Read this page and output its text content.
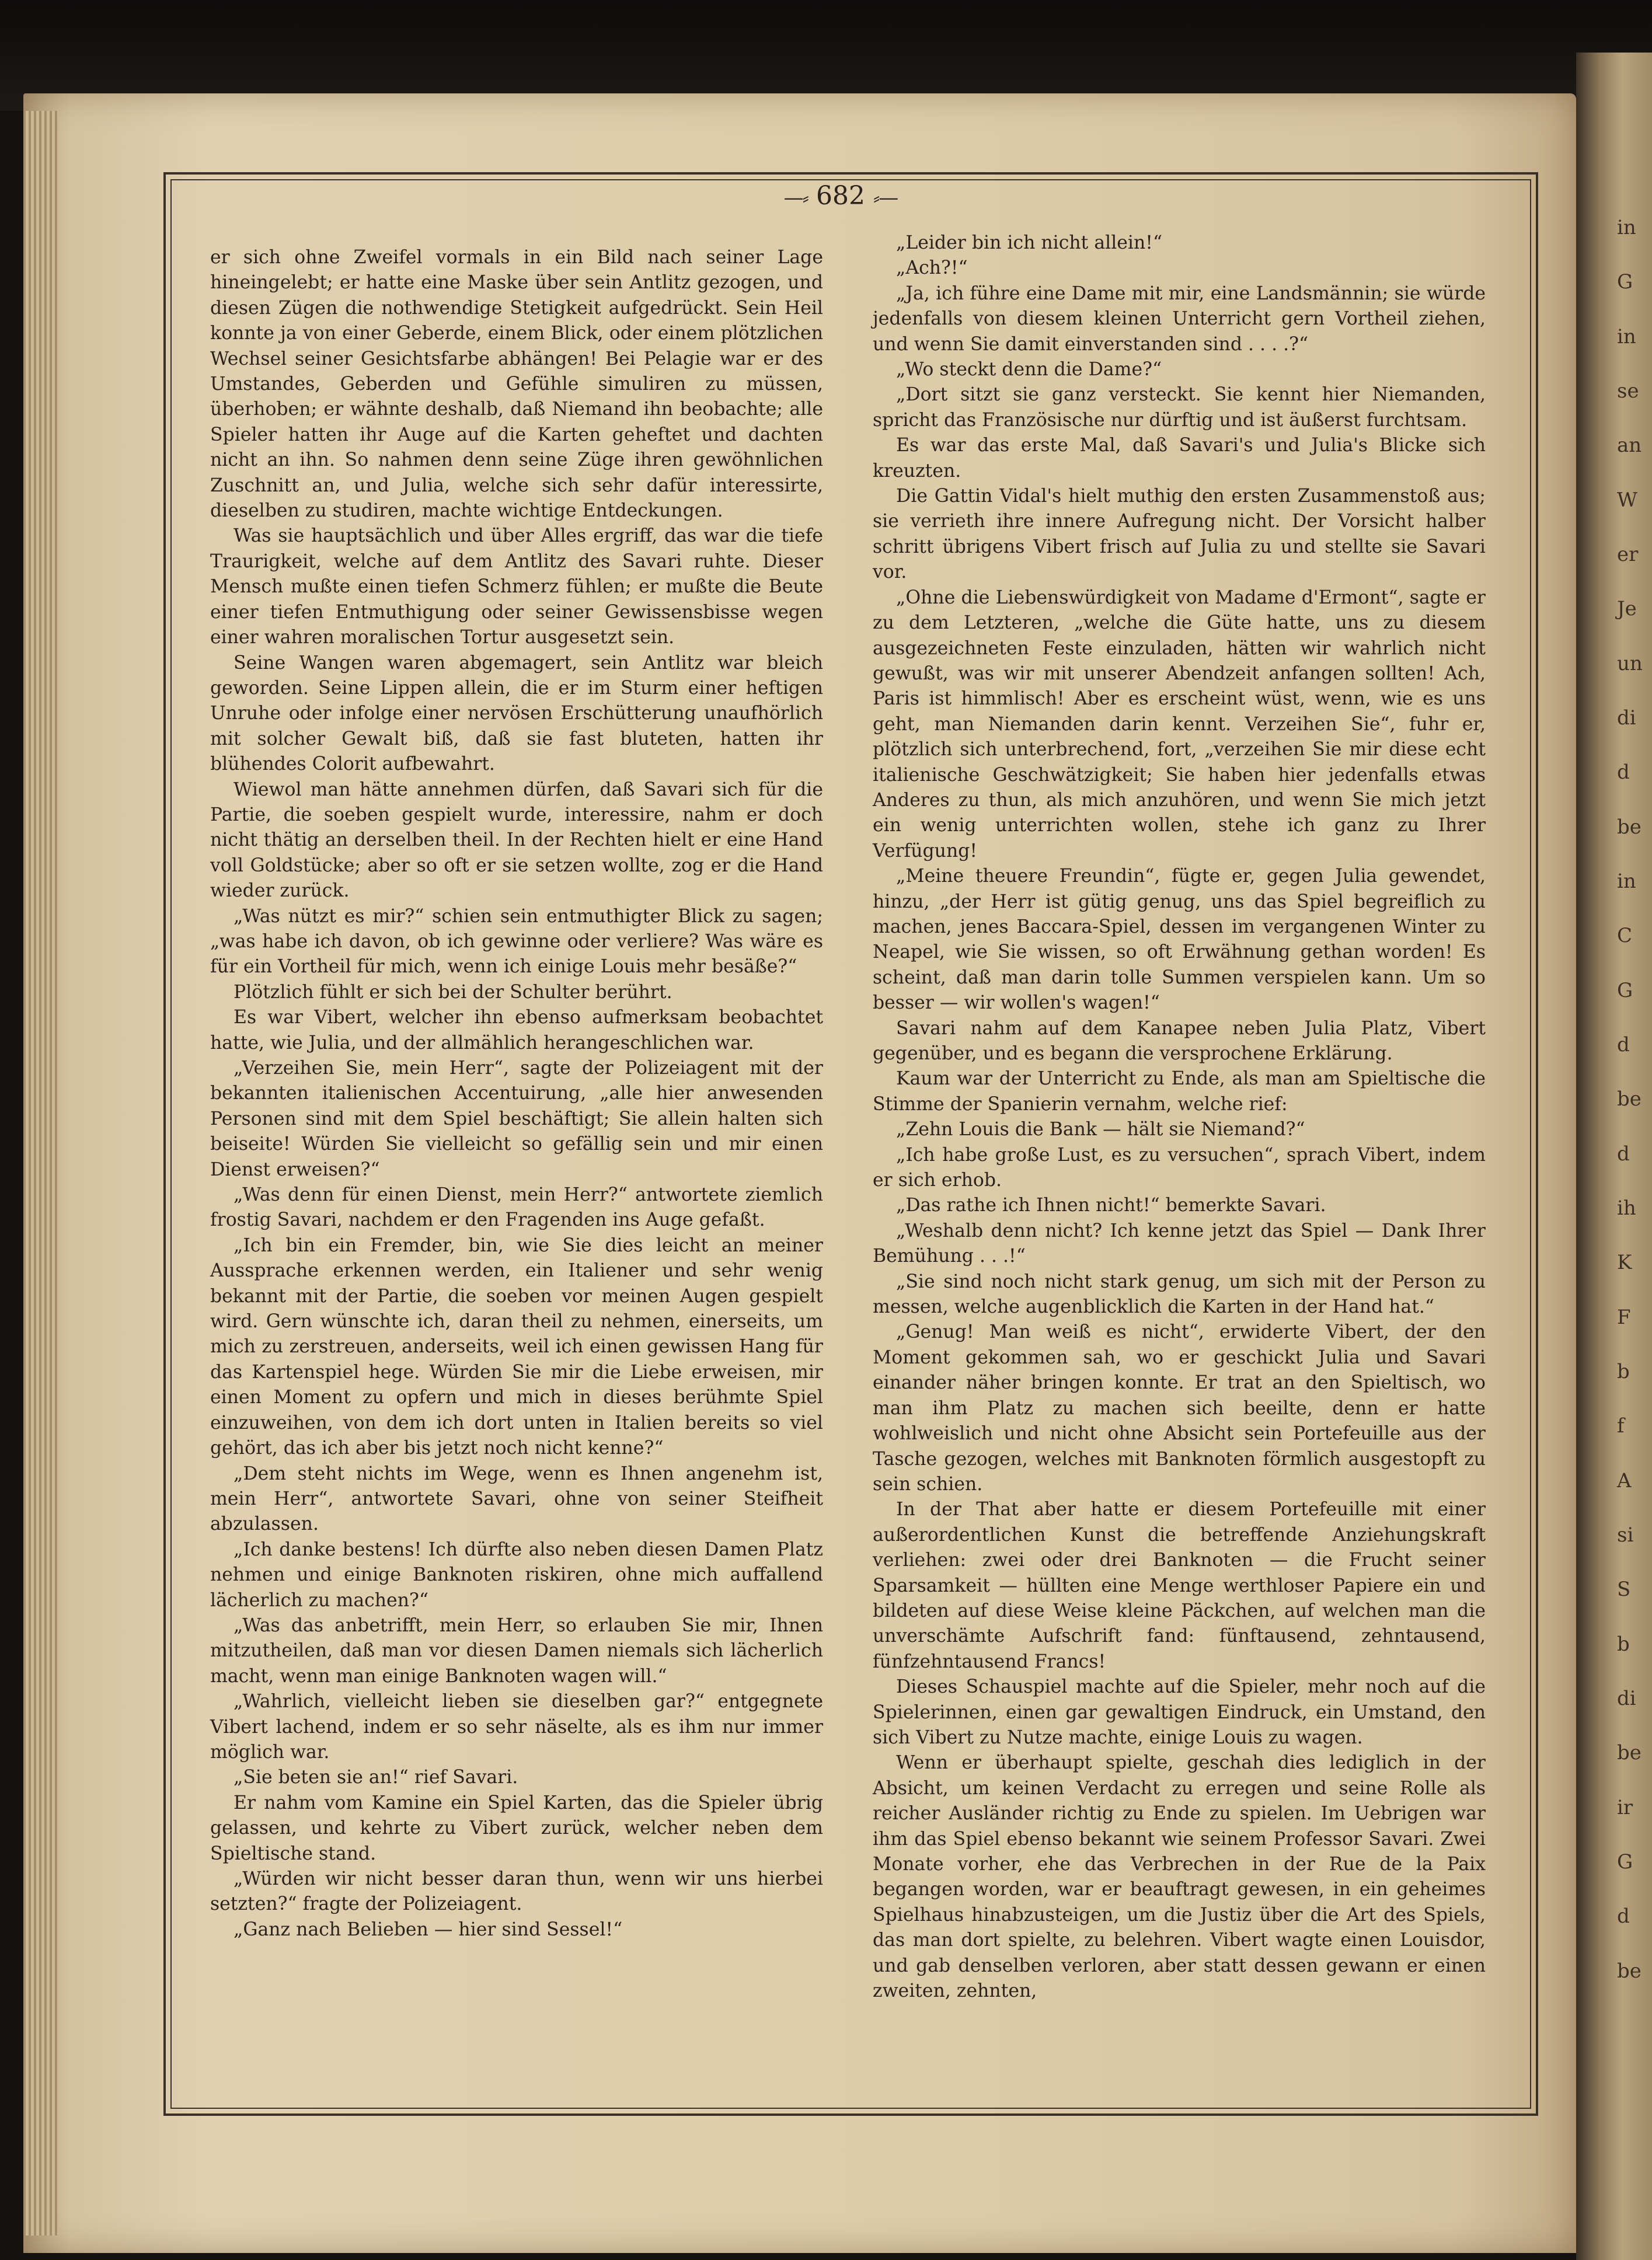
in
G
in
se
an
W
er
Je
un
di
d
be
in
C
G
d
be
d
ih
K
F
b
f
A
si
S
b
di
be
ir
G
d
be
—⸗ 682 ⸗—

er sich ohne Zweifel vormals in ein Bild nach seiner Lage hineingelebt; er hatte eine Maske über sein Antlitz gezogen, und diesen Zügen die nothwendige Stetigkeit aufgedrückt. Sein Heil konnte ja von einer Geberde, einem Blick, oder einem plötzlichen Wechsel seiner Gesichtsfarbe abhängen! Bei Pelagie war er des Umstandes, Geberden und Gefühle simuliren zu müssen, überhoben; er wähnte deshalb, daß Niemand ihn beobachte; alle Spieler hatten ihr Auge auf die Karten geheftet und dachten nicht an ihn. So nahmen denn seine Züge ihren gewöhnlichen Zuschnitt an, und Julia, welche sich sehr dafür interessirte, dieselben zu studiren, machte wichtige Entdeckungen.

Was sie hauptsächlich und über Alles ergriff, das war die tiefe Traurigkeit, welche auf dem Antlitz des Savari ruhte. Dieser Mensch mußte einen tiefen Schmerz fühlen; er mußte die Beute einer tiefen Entmuthigung oder seiner Gewissensbisse wegen einer wahren moralischen Tortur ausgesetzt sein.

Seine Wangen waren abgemagert, sein Antlitz war bleich geworden. Seine Lippen allein, die er im Sturm einer heftigen Unruhe oder infolge einer nervösen Erschütterung unaufhörlich mit solcher Gewalt biß, daß sie fast bluteten, hatten ihr blühendes Colorit aufbewahrt.

Wiewol man hätte annehmen dürfen, daß Savari sich für die Partie, die soeben gespielt wurde, interessire, nahm er doch nicht thätig an derselben theil. In der Rechten hielt er eine Hand voll Goldstücke; aber so oft er sie setzen wollte, zog er die Hand wieder zurück.

„Was nützt es mir?“ schien sein entmuthigter Blick zu sagen; „was habe ich davon, ob ich gewinne oder verliere? Was wäre es für ein Vortheil für mich, wenn ich einige Louis mehr besäße?“

Plötzlich fühlt er sich bei der Schulter berührt.

Es war Vibert, welcher ihn ebenso aufmerksam beobachtet hatte, wie Julia, und der allmählich herangeschlichen war.

„Verzeihen Sie, mein Herr“, sagte der Polizeiagent mit der bekannten italienischen Accentuirung, „alle hier anwesenden Personen sind mit dem Spiel beschäftigt; Sie allein halten sich beiseite! Würden Sie vielleicht so gefällig sein und mir einen Dienst erweisen?“

„Was denn für einen Dienst, mein Herr?“ antwortete ziemlich frostig Savari, nachdem er den Fragenden ins Auge gefaßt.

„Ich bin ein Fremder, bin, wie Sie dies leicht an meiner Aussprache erkennen werden, ein Italiener und sehr wenig bekannt mit der Partie, die soeben vor meinen Augen gespielt wird. Gern wünschte ich, daran theil zu nehmen, einerseits, um mich zu zerstreuen, anderseits, weil ich einen gewissen Hang für das Kartenspiel hege. Würden Sie mir die Liebe erweisen, mir einen Moment zu opfern und mich in dieses berühmte Spiel einzuweihen, von dem ich dort unten in Italien bereits so viel gehört, das ich aber bis jetzt noch nicht kenne?“

„Dem steht nichts im Wege, wenn es Ihnen angenehm ist, mein Herr“, antwortete Savari, ohne von seiner Steifheit abzulassen.

„Ich danke bestens! Ich dürfte also neben diesen Damen Platz nehmen und einige Banknoten riskiren, ohne mich auffallend lächerlich zu machen?“

„Was das anbetrifft, mein Herr, so erlauben Sie mir, Ihnen mitzutheilen, daß man vor diesen Damen niemals sich lächerlich macht, wenn man einige Banknoten wagen will.“

„Wahrlich, vielleicht lieben sie dieselben gar?“ entgegnete Vibert lachend, indem er so sehr näselte, als es ihm nur immer möglich war.

„Sie beten sie an!“ rief Savari.

Er nahm vom Kamine ein Spiel Karten, das die Spieler übrig gelassen, und kehrte zu Vibert zurück, welcher neben dem Spieltische stand.

„Würden wir nicht besser daran thun, wenn wir uns hierbei setzten?“ fragte der Polizeiagent.

„Ganz nach Belieben — hier sind Sessel!“

„Leider bin ich nicht allein!“

„Ach?!“

„Ja, ich führe eine Dame mit mir, eine Landsmännin; sie würde jedenfalls von diesem kleinen Unterricht gern Vortheil ziehen, und wenn Sie damit einverstanden sind . . . .?“

„Wo steckt denn die Dame?“

„Dort sitzt sie ganz versteckt. Sie kennt hier Niemanden, spricht das Französische nur dürftig und ist äußerst furchtsam.

Es war das erste Mal, daß Savari's und Julia's Blicke sich kreuzten.

Die Gattin Vidal's hielt muthig den ersten Zusammenstoß aus; sie verrieth ihre innere Aufregung nicht. Der Vorsicht halber schritt übrigens Vibert frisch auf Julia zu und stellte sie Savari vor.

„Ohne die Liebenswürdigkeit von Madame d'Ermont“, sagte er zu dem Letzteren, „welche die Güte hatte, uns zu diesem ausgezeichneten Feste einzuladen, hätten wir wahrlich nicht gewußt, was wir mit unserer Abendzeit anfangen sollten! Ach, Paris ist himmlisch! Aber es erscheint wüst, wenn, wie es uns geht, man Niemanden darin kennt. Verzeihen Sie“, fuhr er, plötzlich sich unterbrechend, fort, „verzeihen Sie mir diese echt italienische Geschwätzigkeit; Sie haben hier jedenfalls etwas Anderes zu thun, als mich anzuhören, und wenn Sie mich jetzt ein wenig unterrichten wollen, stehe ich ganz zu Ihrer Verfügung!

„Meine theuere Freundin“, fügte er, gegen Julia gewendet, hinzu, „der Herr ist gütig genug, uns das Spiel begreiflich zu machen, jenes Baccara-Spiel, dessen im vergangenen Winter zu Neapel, wie Sie wissen, so oft Erwähnung gethan worden! Es scheint, daß man darin tolle Summen verspielen kann. Um so besser — wir wollen's wagen!“

Savari nahm auf dem Kanapee neben Julia Platz, Vibert gegenüber, und es begann die versprochene Erklärung.

Kaum war der Unterricht zu Ende, als man am Spieltische die Stimme der Spanierin vernahm, welche rief:

„Zehn Louis die Bank — hält sie Niemand?“

„Ich habe große Lust, es zu versuchen“, sprach Vibert, indem er sich erhob.

„Das rathe ich Ihnen nicht!“ bemerkte Savari.

„Weshalb denn nicht? Ich kenne jetzt das Spiel — Dank Ihrer Bemühung . . .!“

„Sie sind noch nicht stark genug, um sich mit der Person zu messen, welche augenblicklich die Karten in der Hand hat.“

„Genug! Man weiß es nicht“, erwiderte Vibert, der den Moment gekommen sah, wo er geschickt Julia und Savari einander näher bringen konnte. Er trat an den Spieltisch, wo man ihm Platz zu machen sich beeilte, denn er hatte wohlweislich und nicht ohne Absicht sein Portefeuille aus der Tasche gezogen, welches mit Banknoten förmlich ausgestopft zu sein schien.

In der That aber hatte er diesem Portefeuille mit einer außerordentlichen Kunst die betreffende Anziehungskraft verliehen: zwei oder drei Banknoten — die Frucht seiner Sparsamkeit — hüllten eine Menge werthloser Papiere ein und bildeten auf diese Weise kleine Päckchen, auf welchen man die unverschämte Aufschrift fand: fünftausend, zehntausend, fünfzehntausend Francs!

Dieses Schauspiel machte auf die Spieler, mehr noch auf die Spielerinnen, einen gar gewaltigen Eindruck, ein Umstand, den sich Vibert zu Nutze machte, einige Louis zu wagen.

Wenn er überhaupt spielte, geschah dies lediglich in der Absicht, um keinen Verdacht zu erregen und seine Rolle als reicher Ausländer richtig zu Ende zu spielen. Im Uebrigen war ihm das Spiel ebenso bekannt wie seinem Professor Savari. Zwei Monate vorher, ehe das Verbrechen in der Rue de la Paix begangen worden, war er beauftragt gewesen, in ein geheimes Spielhaus hinabzusteigen, um die Justiz über die Art des Spiels, das man dort spielte, zu belehren. Vibert wagte einen Louisdor, und gab denselben verloren, aber statt dessen gewann er einen zweiten, zehnten,
